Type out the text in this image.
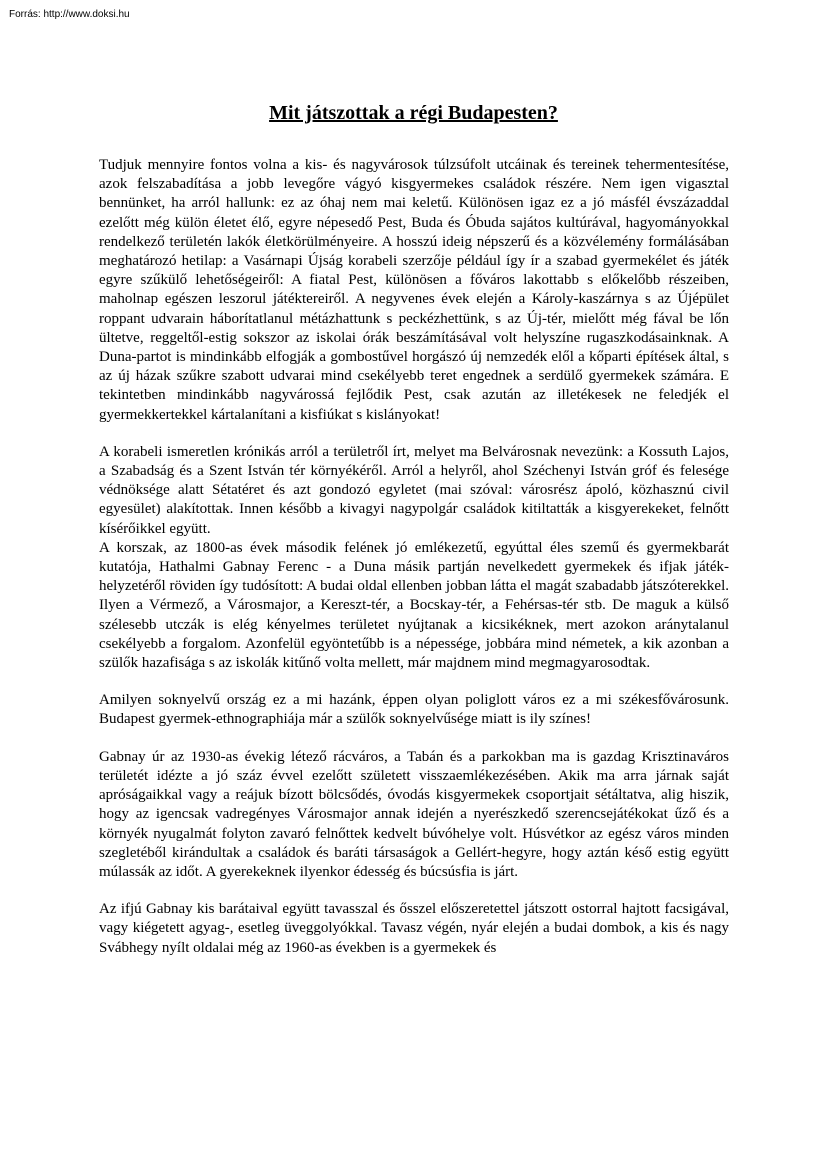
Forrás: http://www.doksi.hu
Mit játszottak a régi Budapesten?

Tudjuk mennyire fontos volna a kis- és nagyvárosok túlzsúfolt utcáinak és tereinek tehermentesítése, azok felszabadítása a jobb levegőre vágyó kisgyermekes családok részére. Nem igen vigasztal bennünket, ha arról hallunk: ez az óhaj nem mai keletű. Különösen igaz ez a jó másfél évszázaddal ezelőtt még külön életet élő, egyre népesedő Pest, Buda és Óbuda sajátos kultúrával, hagyományokkal rendelkező területén lakók életkörülményeire. A hosszú ideig népszerű és a közvélemény formálásában meghatározó hetilap: a Vasárnapi Újság korabeli szerzője például így ír a szabad gyermekélet és játék egyre szűkülő lehetőségeiről: A fiatal Pest, különösen a főváros lakottabb s előkelőbb részeiben, maholnap egészen leszorul játéktereiről. A negyvenes évek elején a Károly-kaszárnya s az Újépület roppant udvarain háborítatlanul métázhattunk s peckézhettünk, s az Új-tér, mielőtt még fával be lőn ültetve, reggeltől-estig sokszor az iskolai órák beszámításával volt helyszíne rugaszkodásainknak. A Duna-partot is mindinkább elfogják a gombostűvel horgászó új nemzedék elől a kőparti építések által, s az új házak szűkre szabott udvarai mind csekélyebb teret engednek a serdülő gyermekek számára. E tekintetben mindinkább nagyvárossá fejlődik Pest, csak azután az illetékesek ne feledjék el gyermekkertekkel kártalanítani a kisfiúkat s kislányokat!

A korabeli ismeretlen krónikás arról a területről írt, melyet ma Belvárosnak nevezünk: a Kossuth Lajos, a Szabadság és a Szent István tér környékéről. Arról a helyről, ahol Széchenyi István gróf és felesége védnöksége alatt Sétatéret és azt gondozó egyletet (mai szóval: városrész ápoló, közhasznú civil egyesület) alakítottak. Innen később a kivagyi nagypolgár családok kitiltatták a kisgyerekeket, felnőtt kísérőikkel együtt.

A korszak, az 1800-as évek második felének jó emlékezetű, egyúttal éles szemű és gyermekbarát kutatója, Hathalmi Gabnay Ferenc - a Duna másik partján nevelkedett gyermekek és ifjak játék-helyzetéről röviden így tudósított: A budai oldal ellenben jobban látta el magát szabadabb játszóterekkel. Ilyen a Vérmező, a Városmajor, a Kereszt-tér, a Bocskay-tér, a Fehérsas-tér stb. De maguk a külső szélesebb utczák is elég kényelmes területet nyújtanak a kicsikéknek, mert azokon aránytalanul csekélyebb a forgalom. Azonfelül egyöntetűbb is a népessége, jobbára mind németek, a kik azonban a szülők hazafisága s az iskolák kitűnő volta mellett, már majdnem mind megmagyarosodtak.

Amilyen soknyelvű ország ez a mi hazánk, éppen olyan poliglott város ez a mi székesfővárosunk. Budapest gyermek-ethnographiája már a szülők soknyelvűsége miatt is ily színes!

Gabnay úr az 1930-as évekig létező rácváros, a Tabán és a parkokban ma is gazdag Krisztinaváros területét idézte a jó száz évvel ezelőtt született visszaemlékezésében. Akik ma arra járnak saját apróságaikkal vagy a reájuk bízott bölcsődés, óvodás kisgyermekek csoportjait sétáltatva, alig hiszik, hogy az igencsak vadregényes Városmajor annak idején a nyerészkedő szerencsejátékokat űző és a környék nyugalmát folyton zavaró felnőttek kedvelt búvóhelye volt. Húsvétkor az egész város minden szegletéből kirándultak a családok és baráti társaságok a Gellért-hegyre, hogy aztán késő estig együtt múlassák az időt. A gyerekeknek ilyenkor édesség és búcsúsfia is járt.

Az ifjú Gabnay kis barátaival együtt tavasszal és ősszel előszeretettel játszott ostorral hajtott facsigával, vagy kiégetett agyag-, esetleg üveggolyókkal. Tavasz végén, nyár elején a budai dombok, a kis és nagy Svábhegy nyílt oldalai még az 1960-as években is a gyermekek és
